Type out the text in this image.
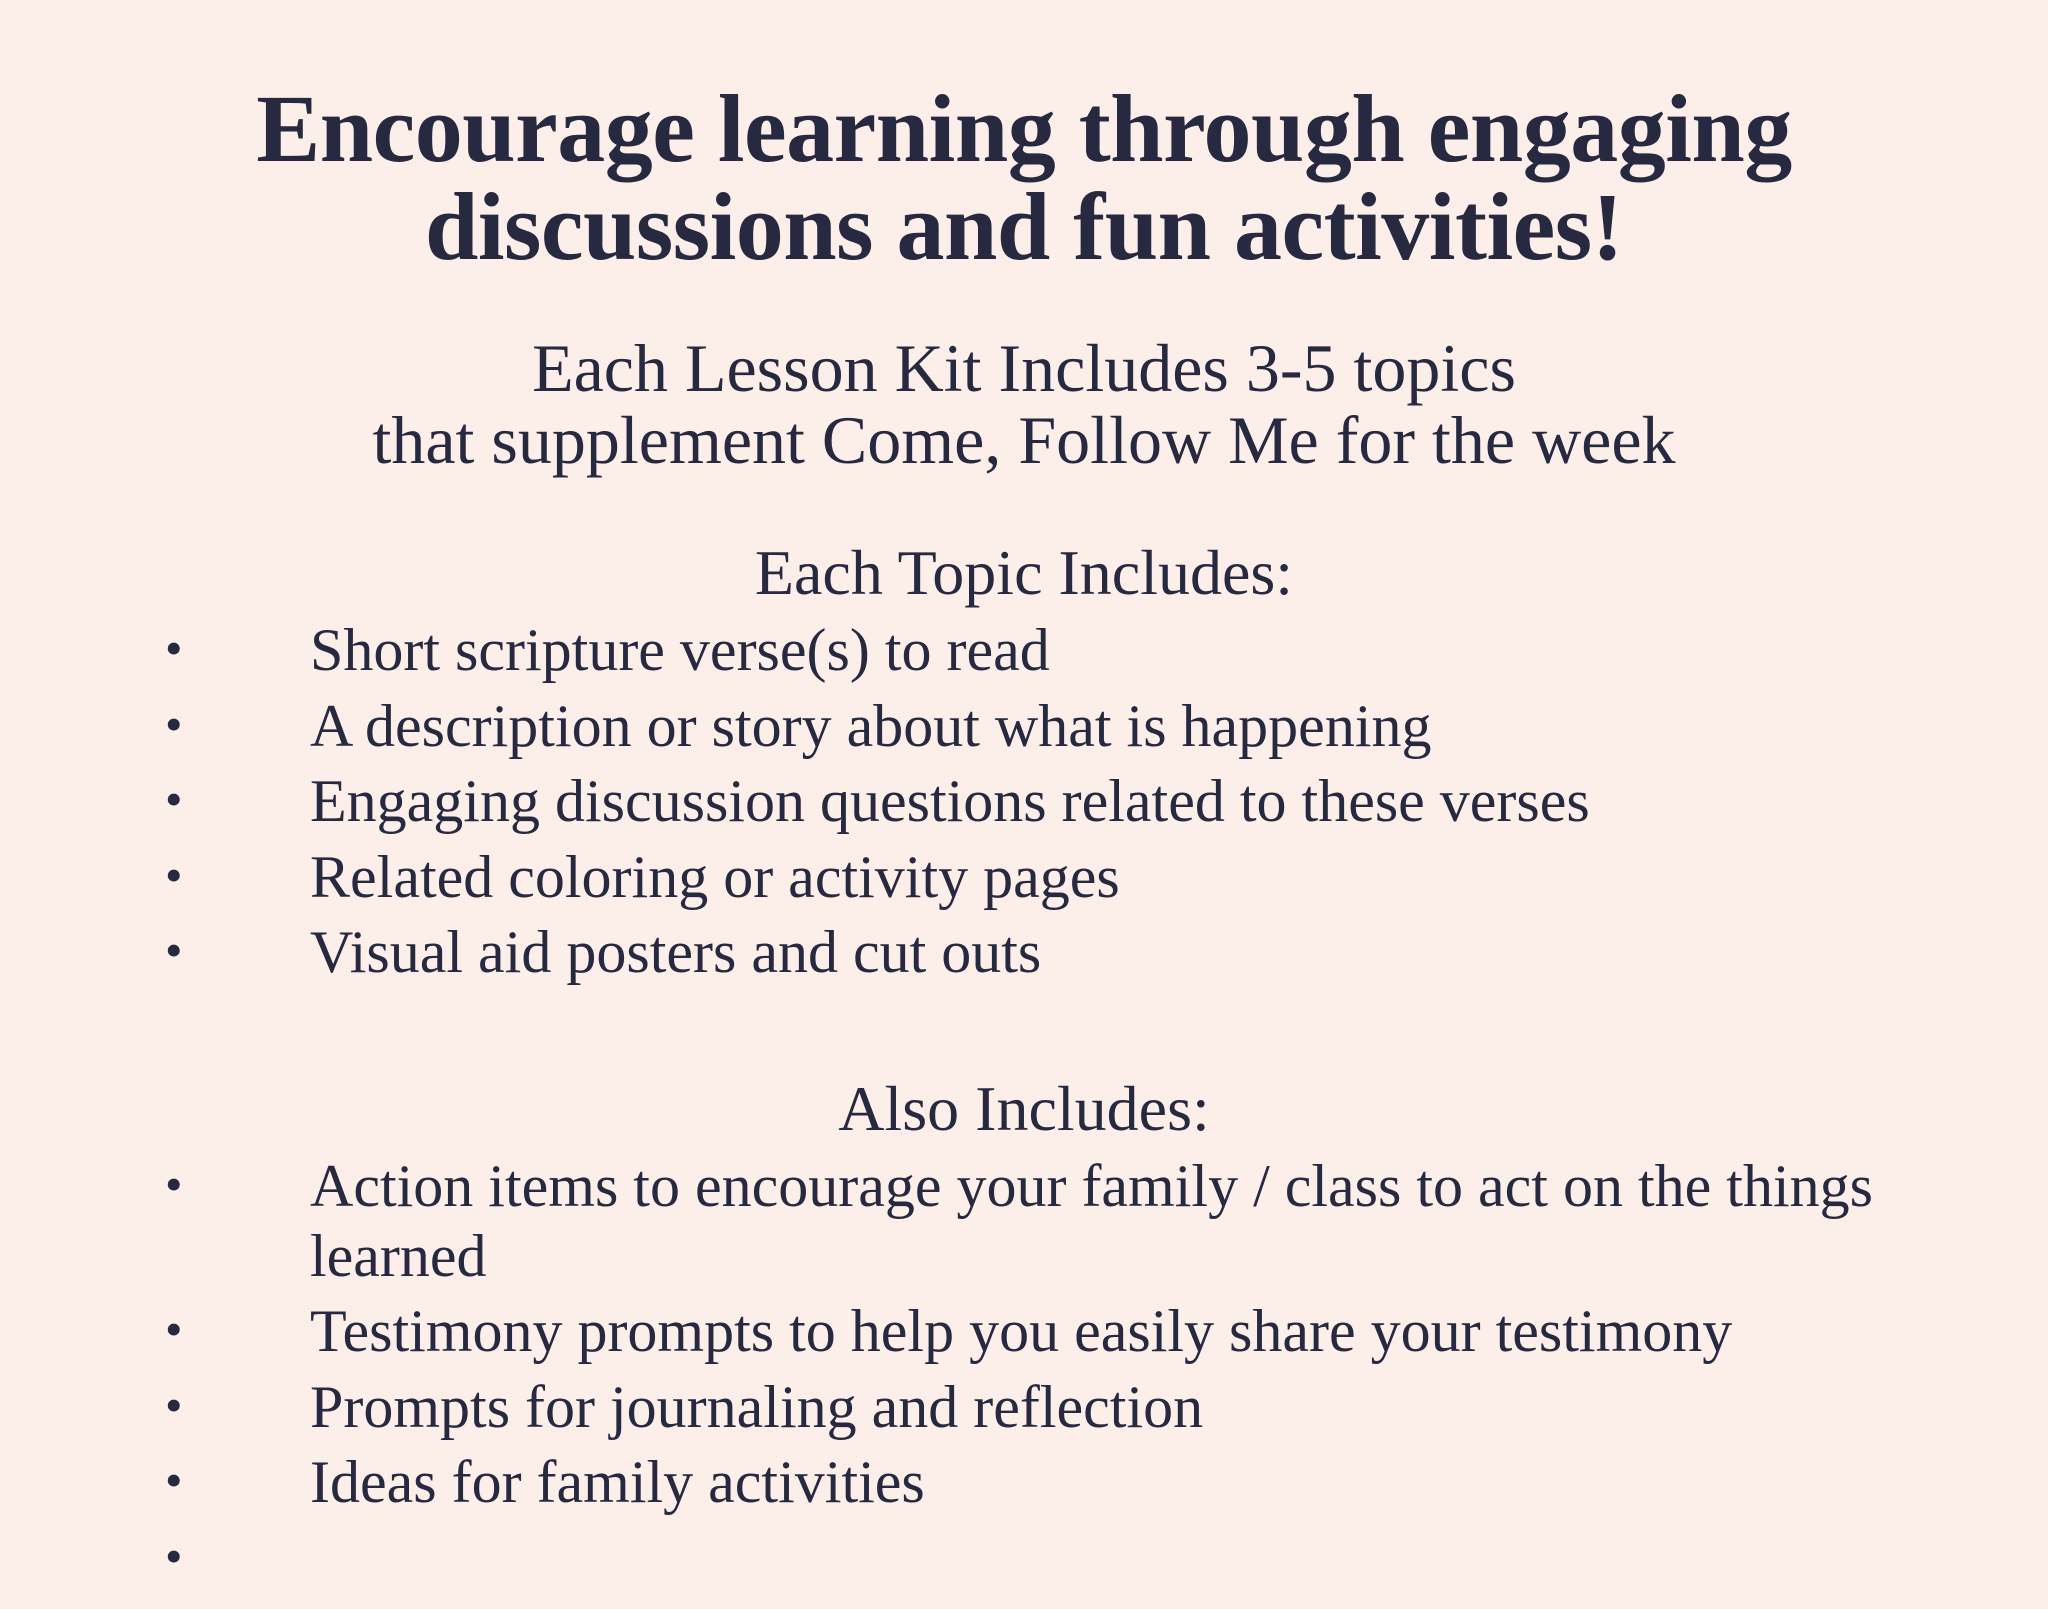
Encourage learning through engaging discussions and fun activities!
Each Lesson Kit Includes 3-5 topics
that supplement Come, Follow Me for the week
Each Topic Includes:
• Short scripture verse(s) to read
• A description or story about what is happening
• Engaging discussion questions related to these verses
• Related coloring or activity pages
• Visual aid posters and cut outs
Also Includes:
• Action items to encourage your family / class to act on the things learned
• Testimony prompts to help you easily share your testimony
• Prompts for journaling and reflection
• Ideas for family activities
•
